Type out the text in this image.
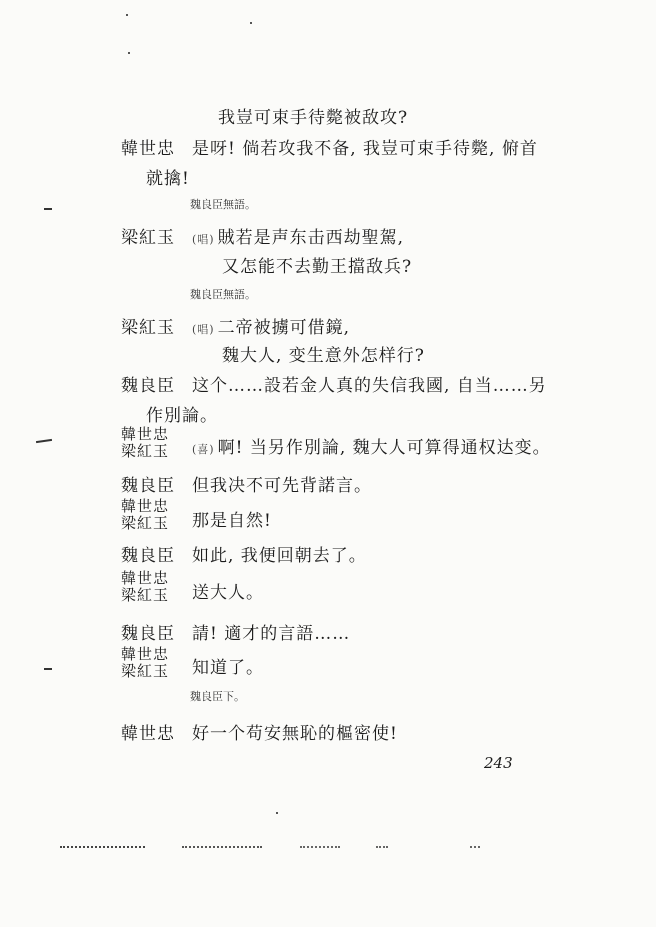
我豈可束手待斃被敌攻?
韓世忠 是呀! 倘若攻我不备, 我豈可束手待斃, 俯首
就擒!
魏良臣無語。
梁紅玉 (唱) 賊若是声东击西劫聖駕,
又怎能不去勤王擋敌兵?
魏良臣無語。
梁紅玉 (唱) 二帝被擄可借鏡,
魏大人, 变生意外怎样行?
魏良臣 这个……設若金人真的失信我國, 自当……另
作別論。
韓世忠
梁紅玉 (喜) 啊! 当另作別論, 魏大人可算得通权达变。
魏良臣 但我决不可先背諾言。
韓世忠
梁紅玉 那是自然!
魏良臣 如此, 我便回朝去了。
韓世忠
梁紅玉 送大人。
魏良臣 請! 適才的言語……
韓世忠
梁紅玉 知道了。
魏良臣下。
韓世忠 好一个苟安無恥的樞密使!
243
